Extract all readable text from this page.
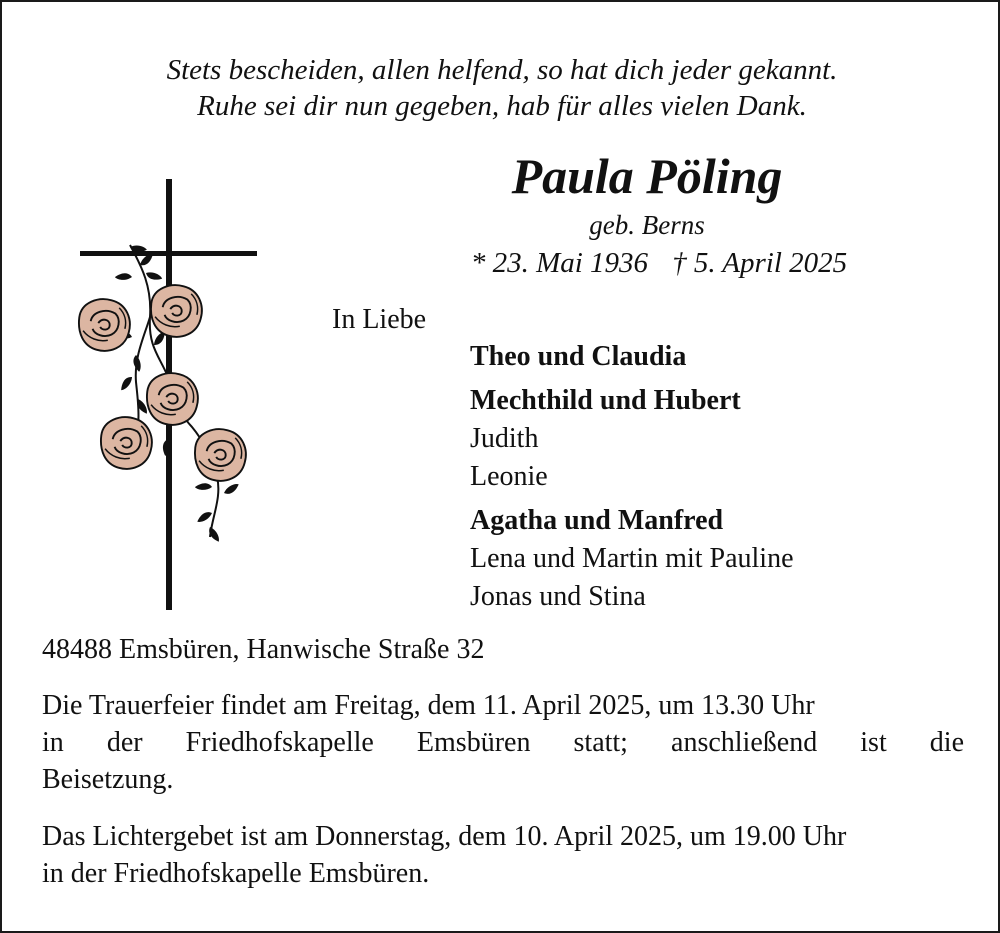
Stets bescheiden, allen helfend, so hat dich jeder gekannt.
Ruhe sei dir nun gegeben, hab für alles vielen Dank.
Paula Pöling
geb. Berns
* 23. Mai 1936 † 5. April 2025
In Liebe
Theo und Claudia
Mechthild und Hubert
Judith
Leonie
Agatha und Manfred
Lena und Martin mit Pauline
Jonas und Stina
48488 Emsbüren, Hanwische Straße 32
Die Trauerfeier findet am Freitag, dem 11. April 2025, um 13.30 Uhr
in der Friedhofskapelle Emsbüren statt; anschließend ist die
Beisetzung.
Das Lichtergebet ist am Donnerstag, dem 10. April 2025, um 19.00 Uhr
in der Friedhofskapelle Emsbüren.
